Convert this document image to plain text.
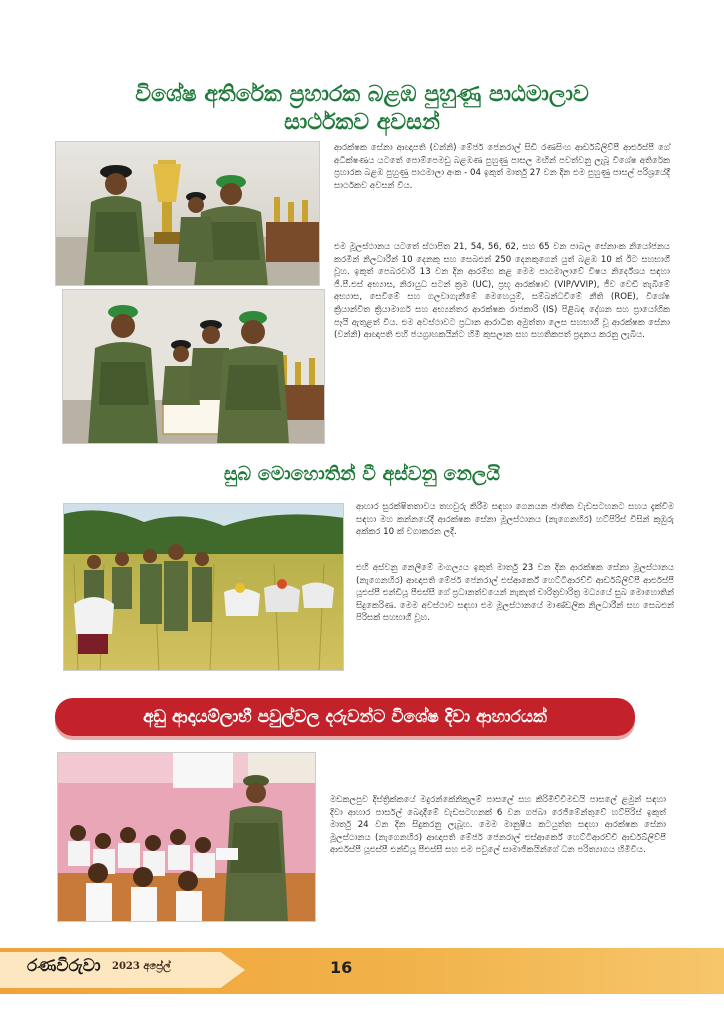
විශේෂ අතිරේක ප්‍රහාරක බළඹ පුහුණු පාඨමාලාව
සාර්ථකව අවසන්
ආරක්ෂක සේනා ආඥාපති (වන්නි) මේජර් ජෙනරාල් සිඩි රණසිංහ ආර්ඩබ්ලිව්පී ආර්එස්පී ගේ අධීක්ෂණය යටතේ පොම්පෙමඩු බළඹණ පුහුණු පාසල මඟින් පවත්වනු ලැබූ විශේෂ අතිරේක ප්‍රහාරක බළඹ පුහුණු පාඨමාලා අංක - 04 ඉකුත් මාර්තු 27 වන දින එම පුහුණු පාසල් පරිශ්‍රයේදී සාර්ථකව අවසන් විය.
එම මූලස්ථානය යටතේ ස්ථාපිත 21, 54, 56, 62, සහ 65 වන පාබල සේනාංක නියෝජනය කරමින් නිලධාරීන් 10 දෙනකු සහ සෙබළුන් 250 දෙනකුගෙන් යුත් බළඹ 10 ක් ඊට සහභාගී වූහ. ඉකුත් පෙබරවාරි 13 වන දින ආරම්භ කළ මෙම පාඨමාලාවේ විෂය නිර්දේශය සඳහා ජී.පී.එස් අභ්‍යාස, නිරායුධ සටන් ක්‍රම (UC), ප්‍රභූ ආරක්ෂාව (VIP/VVIP), ජීව වෙඩි තැබීමේ අභ්‍යාස, සෙවීමේ සහ ගලවාගැනීමේ මෙහෙයුම්, සම්බන්ධවීමේ නීති (ROE), විශේෂ ක්‍රියාන්විත ක්‍රියාමාර්ග සහ අභ්‍යන්තර ආරක්ෂක රාජකාරි (IS) පිළිබඳ දේශන සහ ප්‍රායෝගික පෑයි ඇතුළත් විය. එම අවස්ථාවට ප්‍රධාන ආරාධිත අමුත්තා ලෙස සහභාගී වූ ආරක්ෂක සේනා (වන්නි) ආඥාපති එහි ජයග්‍රාහකයින්ට හිමි කුසලාන සහ සහතිකපත් ප්‍රදානය කරනු ලැබීය.
සුබ මොහොතින් වී අස්වනු නෙලයි
ආහාර සුරක්ෂිතතාවය තහවුරු කිරීම සඳහා ගෙනයන ජාතික වැඩසටහනට සහය දැක්වීම සඳහා මහ කන්නයේදී ආරක්ෂක සේනා මූලස්ථානය (නැගෙනහිර) හට්පිරිස් විසින් කුඹුරු අක්කර 10 ක් වගාකරන ලදී.
එහි අස්වනු නෙලීමේ මංගල්‍යය ඉකුත් මාර්තු 23 වන දින ආරක්ෂක සේනා මූලස්ථානය (නැගෙනහිර) ආඥාපති මේජර් ජෙනරාල් එස්ආර්කේ හෙට්ටිආරච්චි ආර්ඩබ්ලිව්පී ආර්එස්පී යූඑස්පී එන්ඩියූ පීඑස්සී ගේ ප්‍රධානත්වයෙන් නැකැත් චාරිත්‍රවාරිත්‍ර මධ්‍යයේ සුබ මොහොතින් සිදුකෙරිණ. මෙම අවස්ථාව සඳහා එම මූලස්ථානයේ මාණ්ඩලික නිලධාරීන් සහ සෙබළුන් පිරිසක් සහභාගී වූහ.
අඩු ආදායම්ලාභී පවුල්වල දරුවන්ට විශේෂ දිවා ආහාරයක්
මඩකලපුව දිස්ත්‍රික්කයේ මදුරන්කේනිකුලම් පාසලේ සහ කිරිමිච්චිමඩයි පාසලේ ළමුන් සඳහා දිවා ආහාර පාර්සල් බෙදාදීමේ වැඩසටහනක් 6 වන ගජබා රෙජිමේන්තුවේ හට්පිරිස් ඉකුත් මාර්තු 24 වන දින සිදුකරනු ලැබූහ. මෙම මානුෂීය කටයුත්ත සඳහා ආරක්ෂක සේනා මූලස්ථානය (නැගෙනහිර) ආඥාපති මේජර් ජෙනරාල් එස්ආර්කේ හෙට්ටිආරච්චි ආර්ඩබ්ලිව්පී ආර්එස්පී යූඑස්පී එන්ඩියූ පීඑස්සී සහ එම පවුලේ සාමාජිකයින්ගේ ධන පරිත්‍යාගය හිමිවිය.
රණවිරුවා 2023 අප්‍රේල්	16
